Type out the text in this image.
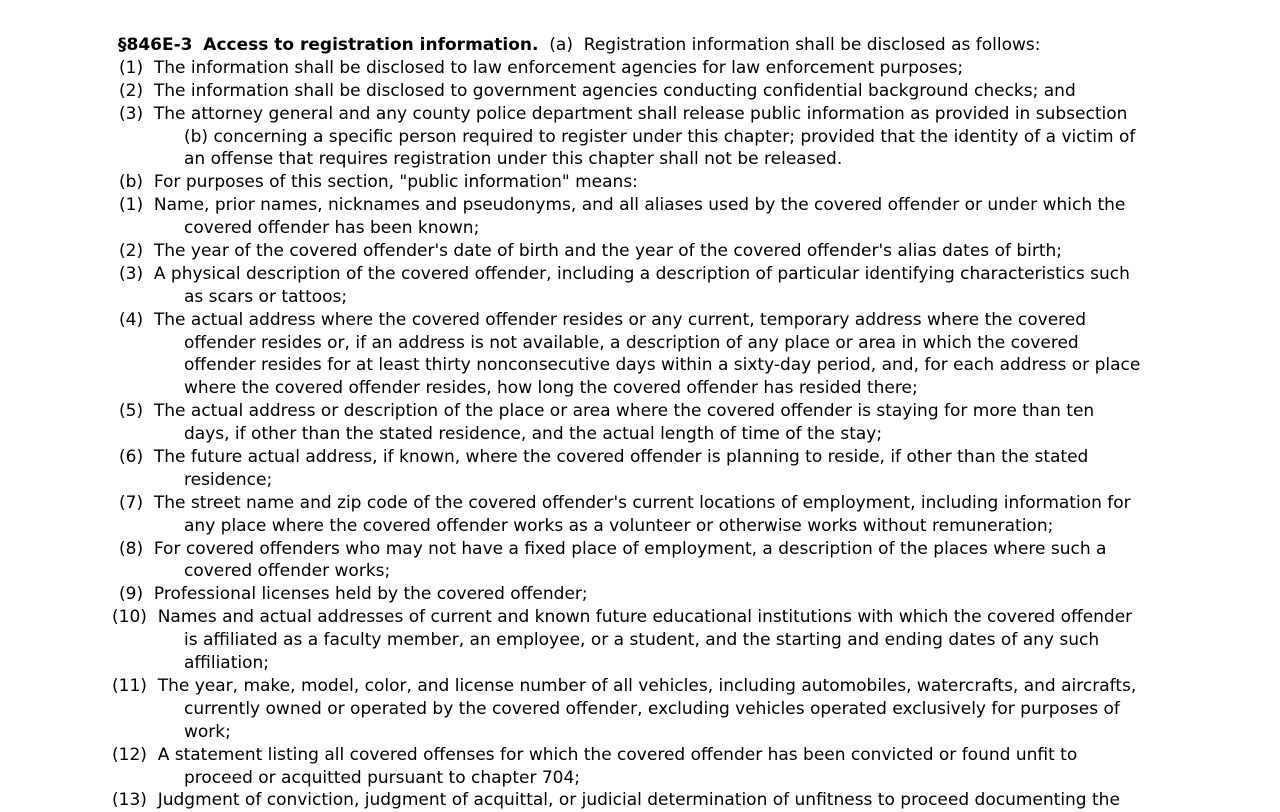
§846E-3 Access to registration information. (a) Registration information shall be disclosed as follows:
(1)  The information shall be disclosed to law enforcement agencies for law enforcement purposes;
(2)  The information shall be disclosed to government agencies conducting confidential background checks; and
(3)  The attorney general and any county police department shall release public information as provided in subsection
(b) concerning a specific person required to register under this chapter; provided that the identity of a victim of
an offense that requires registration under this chapter shall not be released.
(b)  For purposes of this section, "public information" means:
(1)  Name, prior names, nicknames and pseudonyms, and all aliases used by the covered offender or under which the
covered offender has been known;
(2)  The year of the covered offender's date of birth and the year of the covered offender's alias dates of birth;
(3)  A physical description of the covered offender, including a description of particular identifying characteristics such
as scars or tattoos;
(4)  The actual address where the covered offender resides or any current, temporary address where the covered
offender resides or, if an address is not available, a description of any place or area in which the covered
offender resides for at least thirty nonconsecutive days within a sixty-day period, and, for each address or place
where the covered offender resides, how long the covered offender has resided there;
(5)  The actual address or description of the place or area where the covered offender is staying for more than ten
days, if other than the stated residence, and the actual length of time of the stay;
(6)  The future actual address, if known, where the covered offender is planning to reside, if other than the stated
residence;
(7)  The street name and zip code of the covered offender's current locations of employment, including information for
any place where the covered offender works as a volunteer or otherwise works without remuneration;
(8)  For covered offenders who may not have a fixed place of employment, a description of the places where such a
covered offender works;
(9)  Professional licenses held by the covered offender;
(10)  Names and actual addresses of current and known future educational institutions with which the covered offender
is affiliated as a faculty member, an employee, or a student, and the starting and ending dates of any such
affiliation;
(11)  The year, make, model, color, and license number of all vehicles, including automobiles, watercrafts, and aircrafts,
currently owned or operated by the covered offender, excluding vehicles operated exclusively for purposes of
work;
(12)  A statement listing all covered offenses for which the covered offender has been convicted or found unfit to
proceed or acquitted pursuant to chapter 704;
(13)  Judgment of conviction, judgment of acquittal, or judicial determination of unfitness to proceed documenting the
